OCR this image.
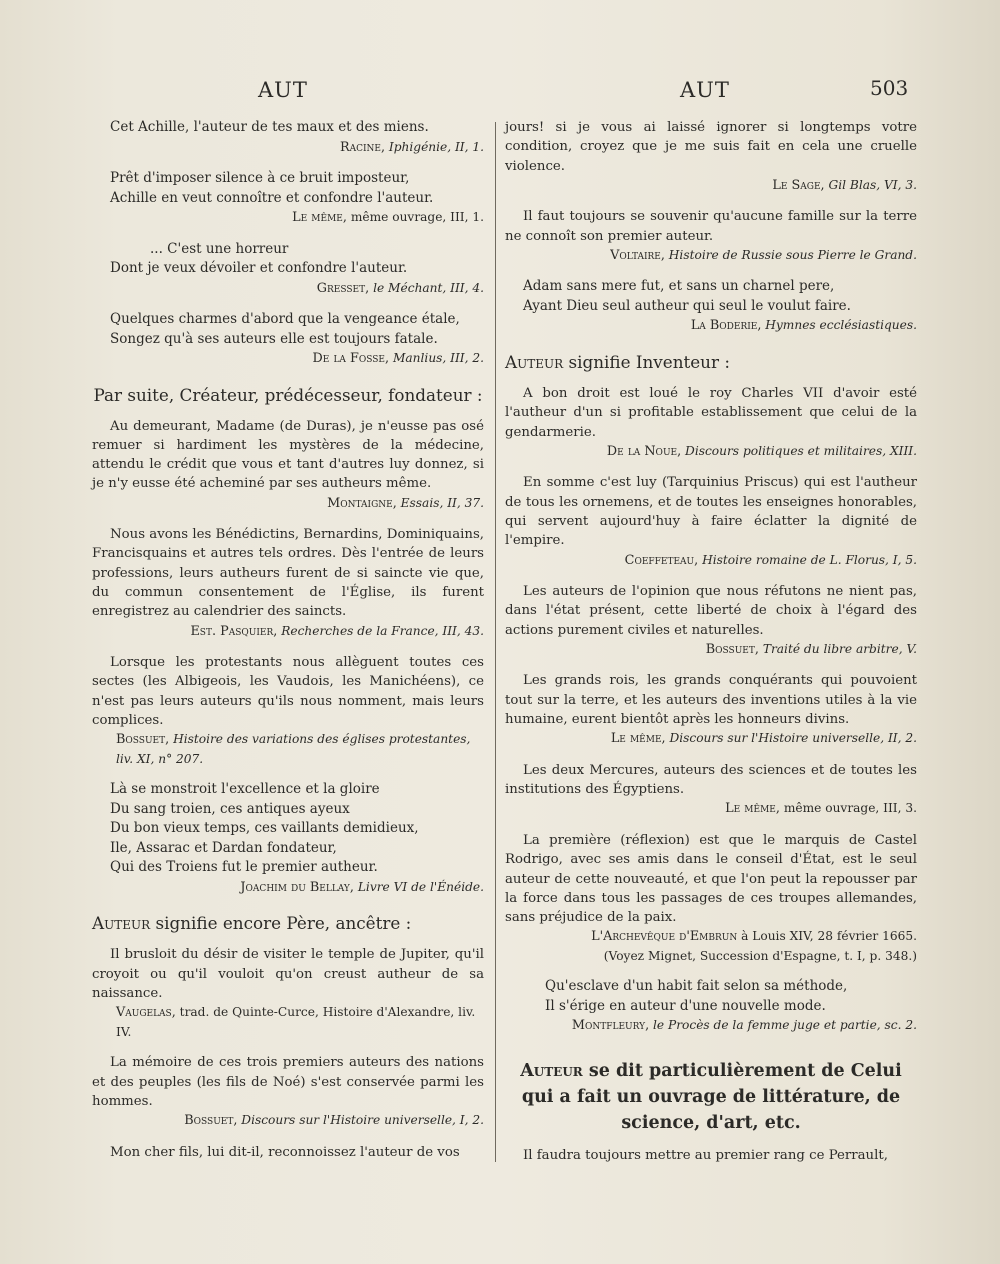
AUT	AUT	503
Cet Achille, l'auteur de tes maux et des miens.
Racine, Iphigénie, II, 1.
Prêt d'imposer silence à ce bruit imposteur,
Achille en veut connoître et confondre l'auteur.
Le même, même ouvrage, III, 1.
... C'est une horreur
Dont je veux dévoiler et confondre l'auteur.
Gresset, le Méchant, III, 4.
Quelques charmes d'abord que la vengeance étale,
Songez qu'à ses auteurs elle est toujours fatale.
De la Fosse, Manlius, III, 2.
Par suite, Créateur, prédécesseur, fondateur :

Au demeurant, Madame (de Duras), je n'eusse pas osé remuer si hardiment les mystères de la médecine, attendu le crédit que vous et tant d'autres luy donnez, si je n'y eusse été acheminé par ses autheurs même.

Montaigne, Essais, II, 37.

Nous avons les Bénédictins, Bernardins, Dominiquains, Francisquains et autres tels ordres. Dès l'entrée de leurs professions, leurs autheurs furent de si saincte vie que, du commun consentement de l'Église, ils furent enregistrez au calendrier des saincts.

Est. Pasquier, Recherches de la France, III, 43.

Lorsque les protestants nous allèguent toutes ces sectes (les Albigeois, les Vaudois, les Manichéens), ce n'est pas leurs auteurs qu'ils nous nomment, mais leurs complices.

Bossuet, Histoire des variations des églises protestantes, liv. XI, n° 207.
Là se monstroit l'excellence et la gloire
Du sang troien, ces antiques ayeux
Du bon vieux temps, ces vaillants demidieux,
Ile, Assarac et Dardan fondateur,
Qui des Troiens fut le premier autheur.
Joachim du Bellay, Livre VI de l'Énéide.
Auteur signifie encore Père, ancêtre :

Il brusloit du désir de visiter le temple de Jupiter, qu'il croyoit ou qu'il vouloit qu'on creust autheur de sa naissance.

Vaugelas, trad. de Quinte-Curce, Histoire d'Alexandre, liv. IV.

La mémoire de ces trois premiers auteurs des nations et des peuples (les fils de Noé) s'est conservée parmi les hommes.

Bossuet, Discours sur l'Histoire universelle, I, 2.

Mon cher fils, lui dit-il, reconnoissez l'auteur de vos

jours! si je vous ai laissé ignorer si longtemps votre condition, croyez que je me suis fait en cela une cruelle violence.

Le Sage, Gil Blas, VI, 3.

Il faut toujours se souvenir qu'aucune famille sur la terre ne connoît son premier auteur.

Voltaire, Histoire de Russie sous Pierre le Grand.
Adam sans mere fut, et sans un charnel pere,
Ayant Dieu seul autheur qui seul le voulut faire.
La Boderie, Hymnes ecclésiastiques.
Auteur signifie Inventeur :

A bon droit est loué le roy Charles VII d'avoir esté l'autheur d'un si profitable establissement que celui de la gendarmerie.

De la Noue, Discours politiques et militaires, XIII.

En somme c'est luy (Tarquinius Priscus) qui est l'autheur de tous les ornemens, et de toutes les enseignes honorables, qui servent aujourd'huy à faire éclatter la dignité de l'empire.

Coeffeteau, Histoire romaine de L. Florus, I, 5.

Les auteurs de l'opinion que nous réfutons ne nient pas, dans l'état présent, cette liberté de choix à l'égard des actions purement civiles et naturelles.

Bossuet, Traité du libre arbitre, V.

Les grands rois, les grands conquérants qui pouvoient tout sur la terre, et les auteurs des inventions utiles à la vie humaine, eurent bientôt après les honneurs divins.

Le même, Discours sur l'Histoire universelle, II, 2.

Les deux Mercures, auteurs des sciences et de toutes les institutions des Égyptiens.

Le même, même ouvrage, III, 3.

La première (réflexion) est que le marquis de Castel Rodrigo, avec ses amis dans le conseil d'État, est le seul auteur de cette nouveauté, et que l'on peut la repousser par la force dans tous les passages de ces troupes allemandes, sans préjudice de la paix.

L'Archevêque d'Embrun à Louis XIV, 28 février 1665.
(Voyez Mignet, Succession d'Espagne, t. I, p. 348.)
Qu'esclave d'un habit fait selon sa méthode,
Il s'érige en auteur d'une nouvelle mode.
Montfleury, le Procès de la femme juge et partie, sc. 2.
Auteur se dit particulièrement de Celui qui a fait un ouvrage de littérature, de science, d'art, etc.

Il faudra toujours mettre au premier rang ce Perrault,
